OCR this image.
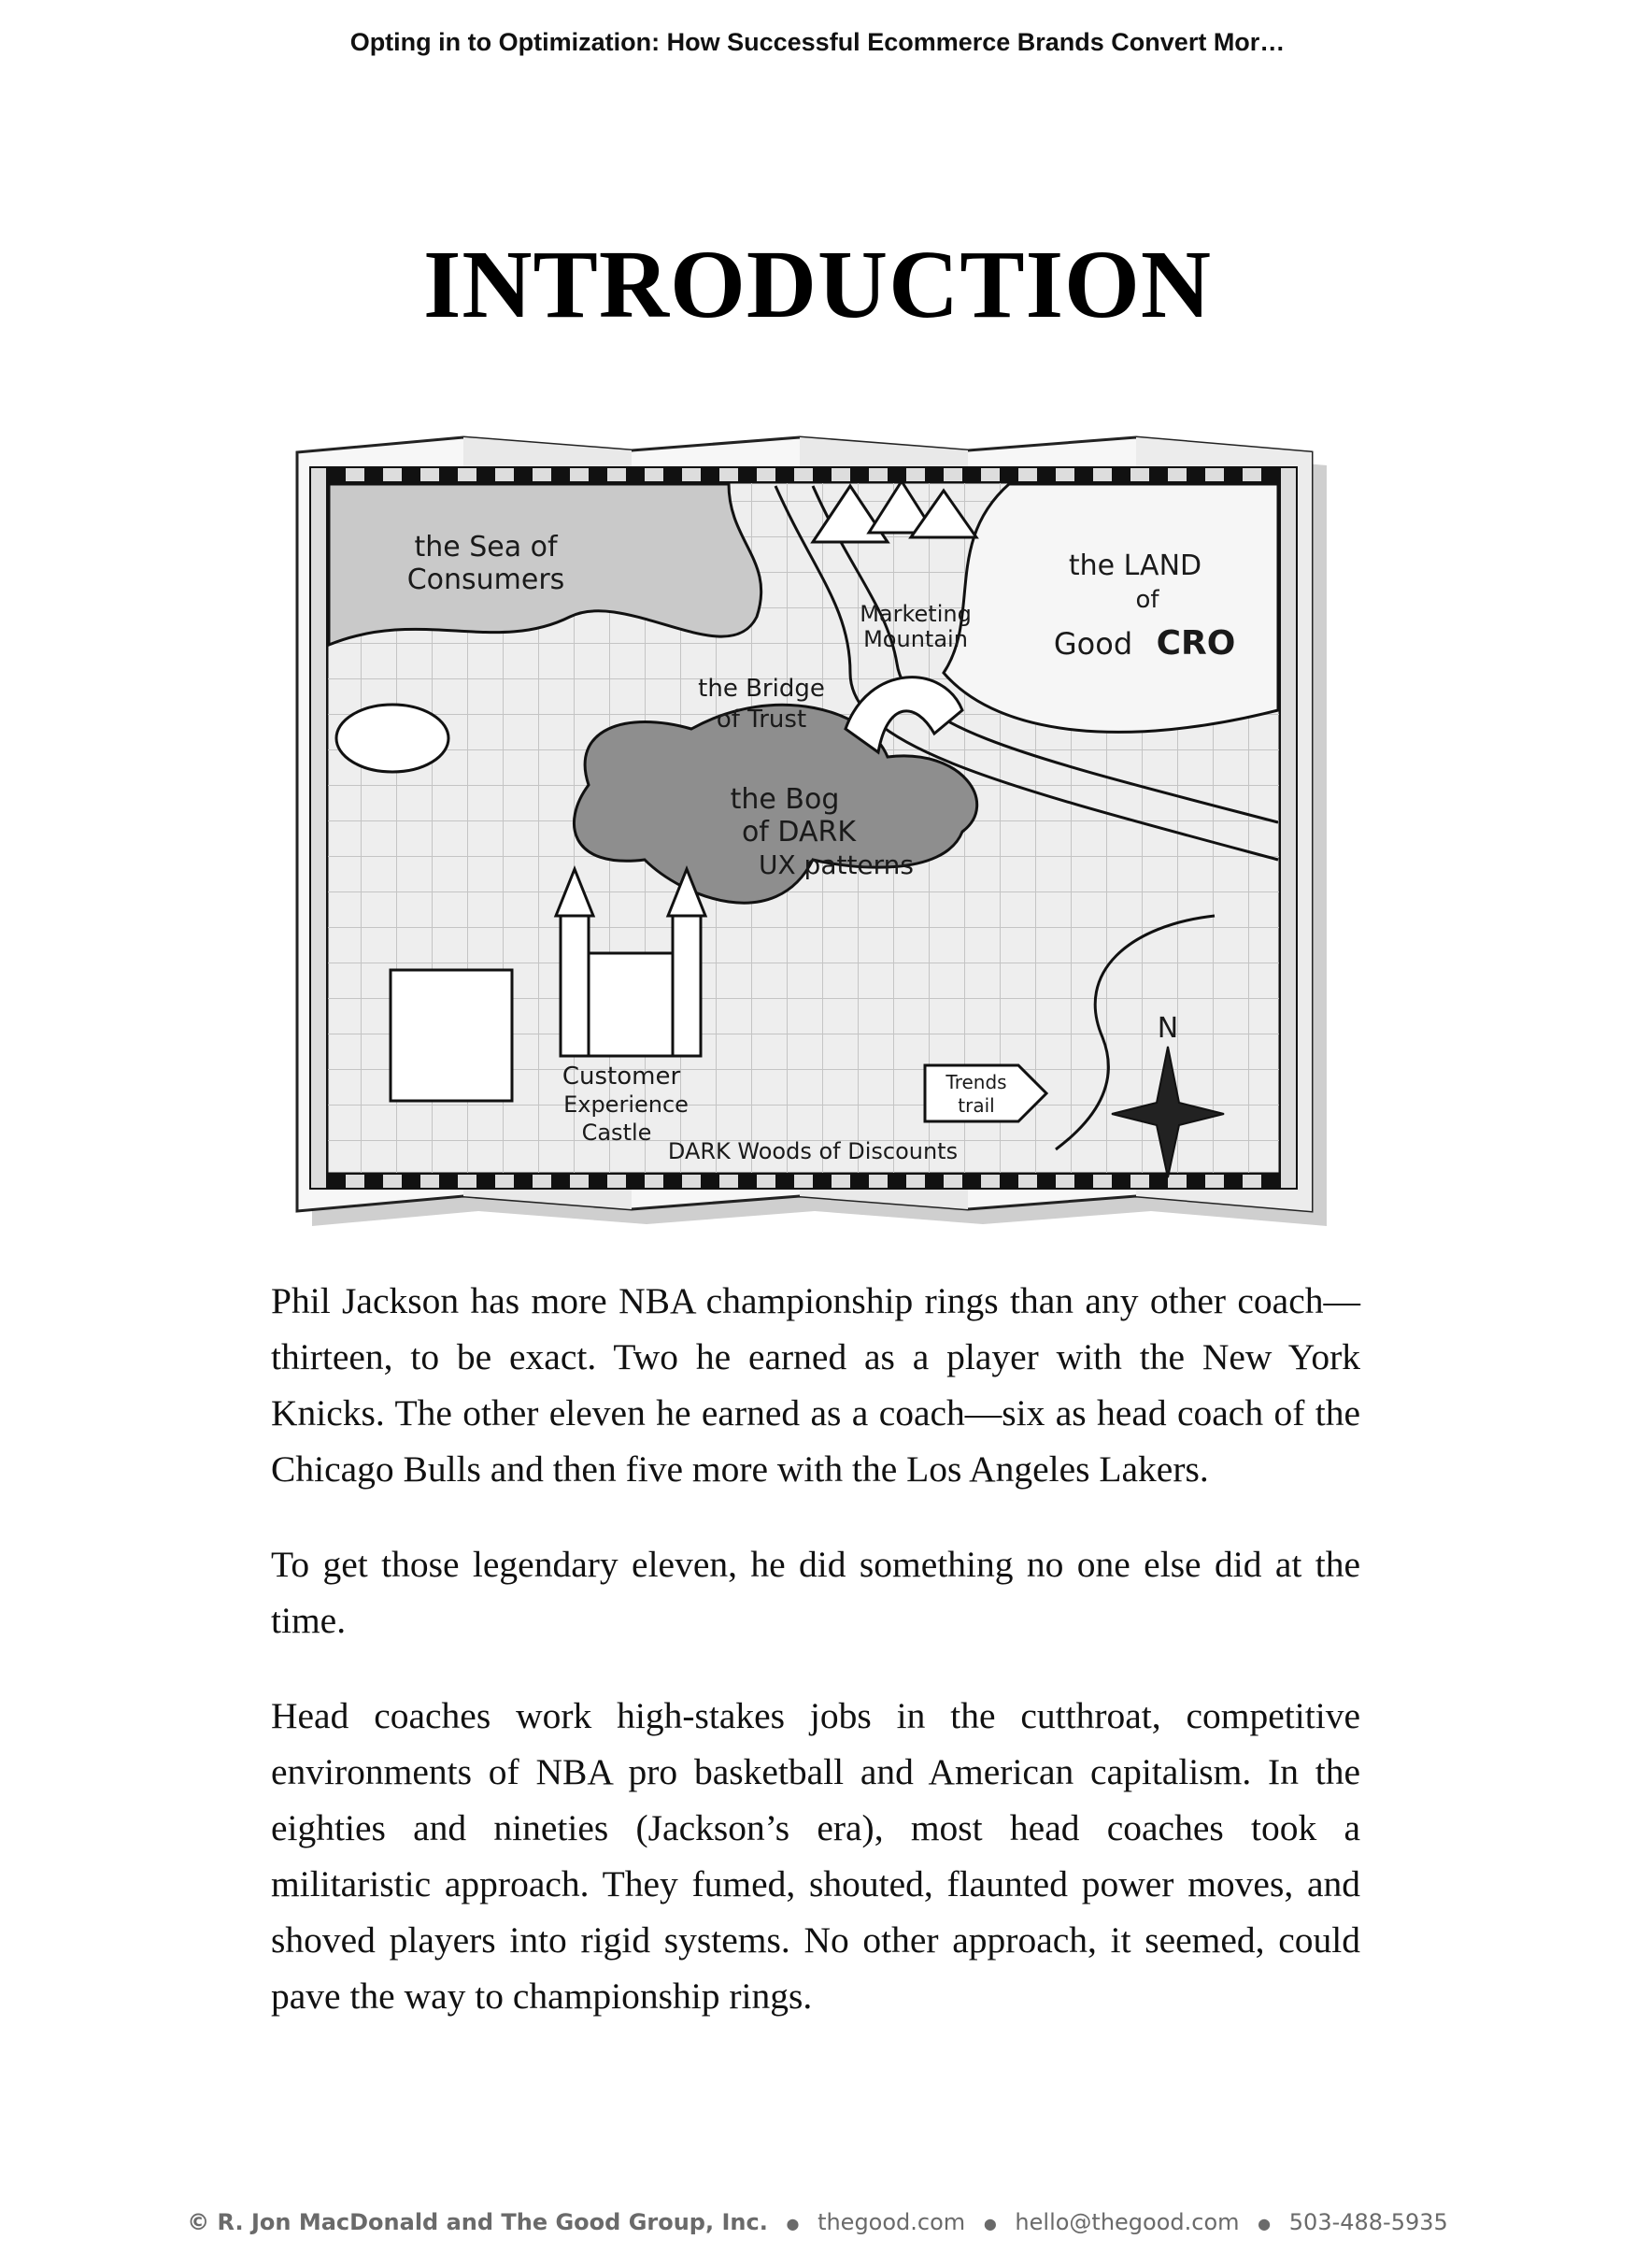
Opting in to Optimization: How Successful Ecommerce Brands Convert Mor…
INTRODUCTION
the Sea of
Consumers
Marketing
Mountain
the LAND
of
Good CRO
the Bridge
of Trust
the Bog
of DARK
UX patterns
Customer
Experience
Castle
DARK Woods of Discounts
Trends
trail
N

Phil Jackson has more NBA championship rings than any other coach—thirteen, to be exact. Two he earned as a player with the New York Knicks. The other eleven he earned as a coach—six as head coach of the Chicago Bulls and then five more with the Los Angeles Lakers.

To get those legendary eleven, he did something no one else did at the time.

Head coaches work high-stakes jobs in the cutthroat, competitive environments of NBA pro basketball and American capitalism. In the eighties and nineties (Jackson’s era), most head coaches took a militaristic approach. They fumed, shouted, flaunted power moves, and shoved players into rigid systems. No other approach, it seemed, could pave the way to championship rings.

© R. Jon MacDonald and The Good Group, Inc. ● thegood.com ● hello@thegood.com ● 503-488-5935
